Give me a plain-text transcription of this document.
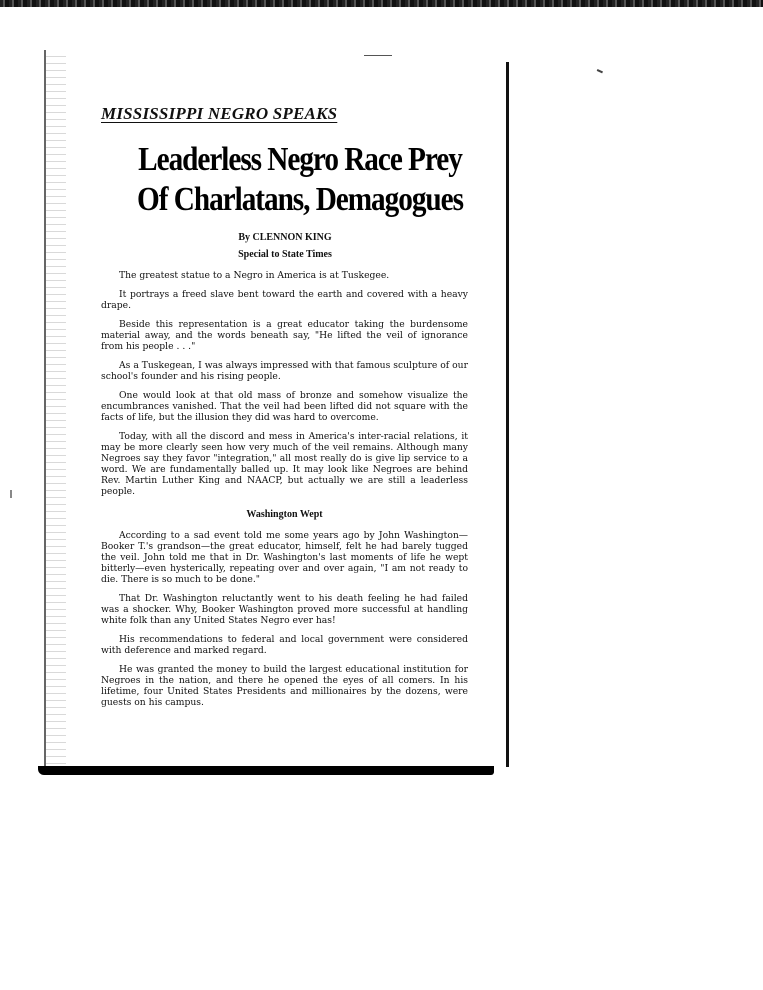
MISSISSIPPI NEGRO SPEAKS
Leaderless Negro Race Prey
Of Charlatans, Demagogues
By CLENNON KING
Special to State Times

The greatest statue to a Negro in America is at Tuskegee.

It portrays a freed slave bent toward the earth and covered with a heavy drape.

Beside this representation is a great educator taking the burdensome material away, and the words beneath say, "He lifted the veil of ignorance from his people . . ."

As a Tuskegean, I was always impressed with that famous sculpture of our school's founder and his rising people.

One would look at that old mass of bronze and somehow visualize the encumbrances vanished. That the veil had been lifted did not square with the facts of life, but the illusion they did was hard to overcome.

Today, with all the discord and mess in America's inter-racial relations, it may be more clearly seen how very much of the veil remains. Although many Negroes say they favor "integration," all most really do is give lip service to a word. We are fundamentally balled up. It may look like Negroes are behind Rev. Martin Luther King and NAACP, but actually we are still a leaderless people.

Washington Wept

According to a sad event told me some years ago by John Washington—Booker T.'s grandson—the great educator, himself, felt he had barely tugged the veil. John told me that in Dr. Washington's last moments of life he wept bitterly—even hysterically, repeating over and over again, "I am not ready to die. There is so much to be done."

That Dr. Washington reluctantly went to his death feeling he had failed was a shocker. Why, Booker Washington proved more successful at handling white folk than any United States Negro ever has!

His recommendations to federal and local government were considered with deference and marked regard.

He was granted the money to build the largest educational institution for Negroes in the nation, and there he opened the eyes of all comers. In his lifetime, four United States Presidents and millionaires by the dozens, were guests on his campus.
